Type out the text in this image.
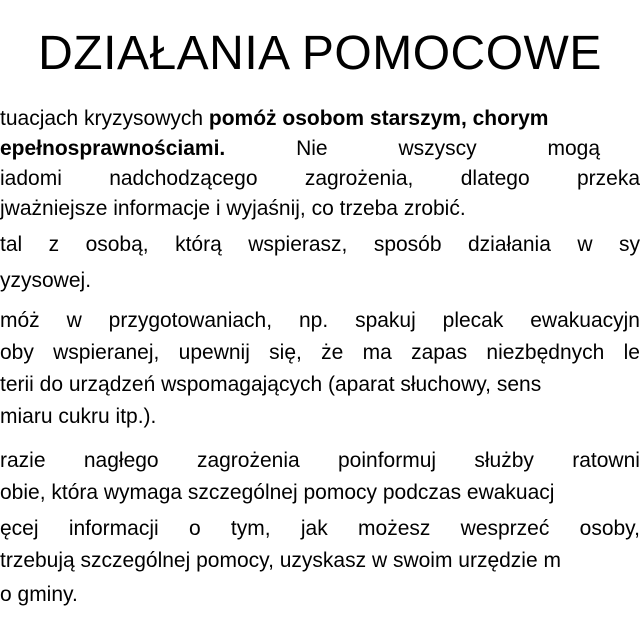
DZIAŁANIA POMOCOWE
tuacjach kryzysowych pomóż osobom starszym, chorym
epełnosprawnościami.	Nie	wszyscy	mogą
iadomi nadchodzącego zagrożenia, dlatego przeka
jważniejsze informacje i wyjaśnij, co trzeba zrobić.
tal z osobą, którą wspierasz, sposób działania w sy
yzysowej.
móż w przygotowaniach, np. spakuj plecak ewakuacyjn
oby wspieranej, upewnij się, że ma zapas niezbędnych le
terii do urządzeń wspomagających (aparat słuchowy, sens
miaru cukru itp.).
razie nagłego zagrożenia poinformuj służby ratowni
obie, która wymaga szczególnej pomocy podczas ewakuacj
ęcej informacji o tym, jak możesz wesprzeć osoby,
trzebują szczególnej pomocy, uzyskasz w swoim urzędzie m
o gminy.
